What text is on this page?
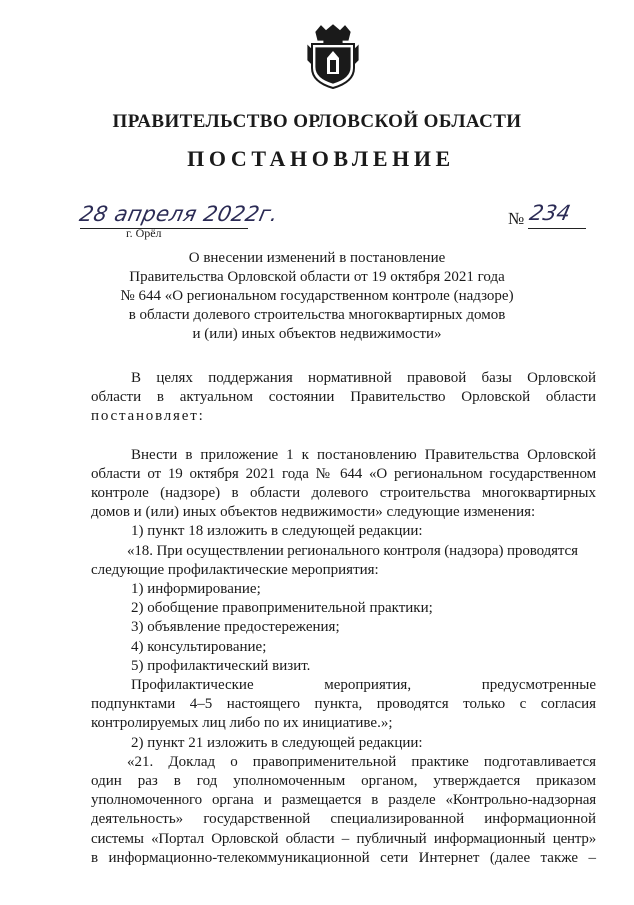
ПРАВИТЕЛЬСТВО ОРЛОВСКОЙ ОБЛАСТИ
ПОСТАНОВЛЕНИЕ
28 апреля 2022г.
г. Орёл
№ 234
О внесении изменений в постановление
Правительства Орловской области от 19 октября 2021 года
№ 644 «О региональном государственном контроле (надзоре)
в области долевого строительства многоквартирных домов
и (или) иных объектов недвижимости»
В целях поддержания нормативной правовой базы Орловской
области в актуальном состоянии Правительство Орловской области
постановляет:
Внести в приложение 1 к постановлению Правительства Орловской
области от 19 октября 2021 года № 644 «О региональном государственном
контроле (надзоре) в области долевого строительства многоквартирных
домов и (или) иных объектов недвижимости» следующие изменения:
1) пункт 18 изложить в следующей редакции:
«18. При осуществлении регионального контроля (надзора) проводятся
следующие профилактические мероприятия:
1) информирование;
2) обобщение правоприменительной практики;
3) объявление предостережения;
4) консультирование;
5) профилактический визит.
Профилактические мероприятия, предусмотренные
подпунктами 4–5 настоящего пункта, проводятся только с согласия
контролируемых лиц либо по их инициативе.»;
2) пункт 21 изложить в следующей редакции:
«21. Доклад о правоприменительной практике подготавливается
один раз в год уполномоченным органом, утверждается приказом
уполномоченного органа и размещается в разделе «Контрольно-надзорная
деятельность» государственной специализированной информационной
системы «Портал Орловской области – публичный информационный центр»
в информационно-телекоммуникационной сети Интернет (далее также –
